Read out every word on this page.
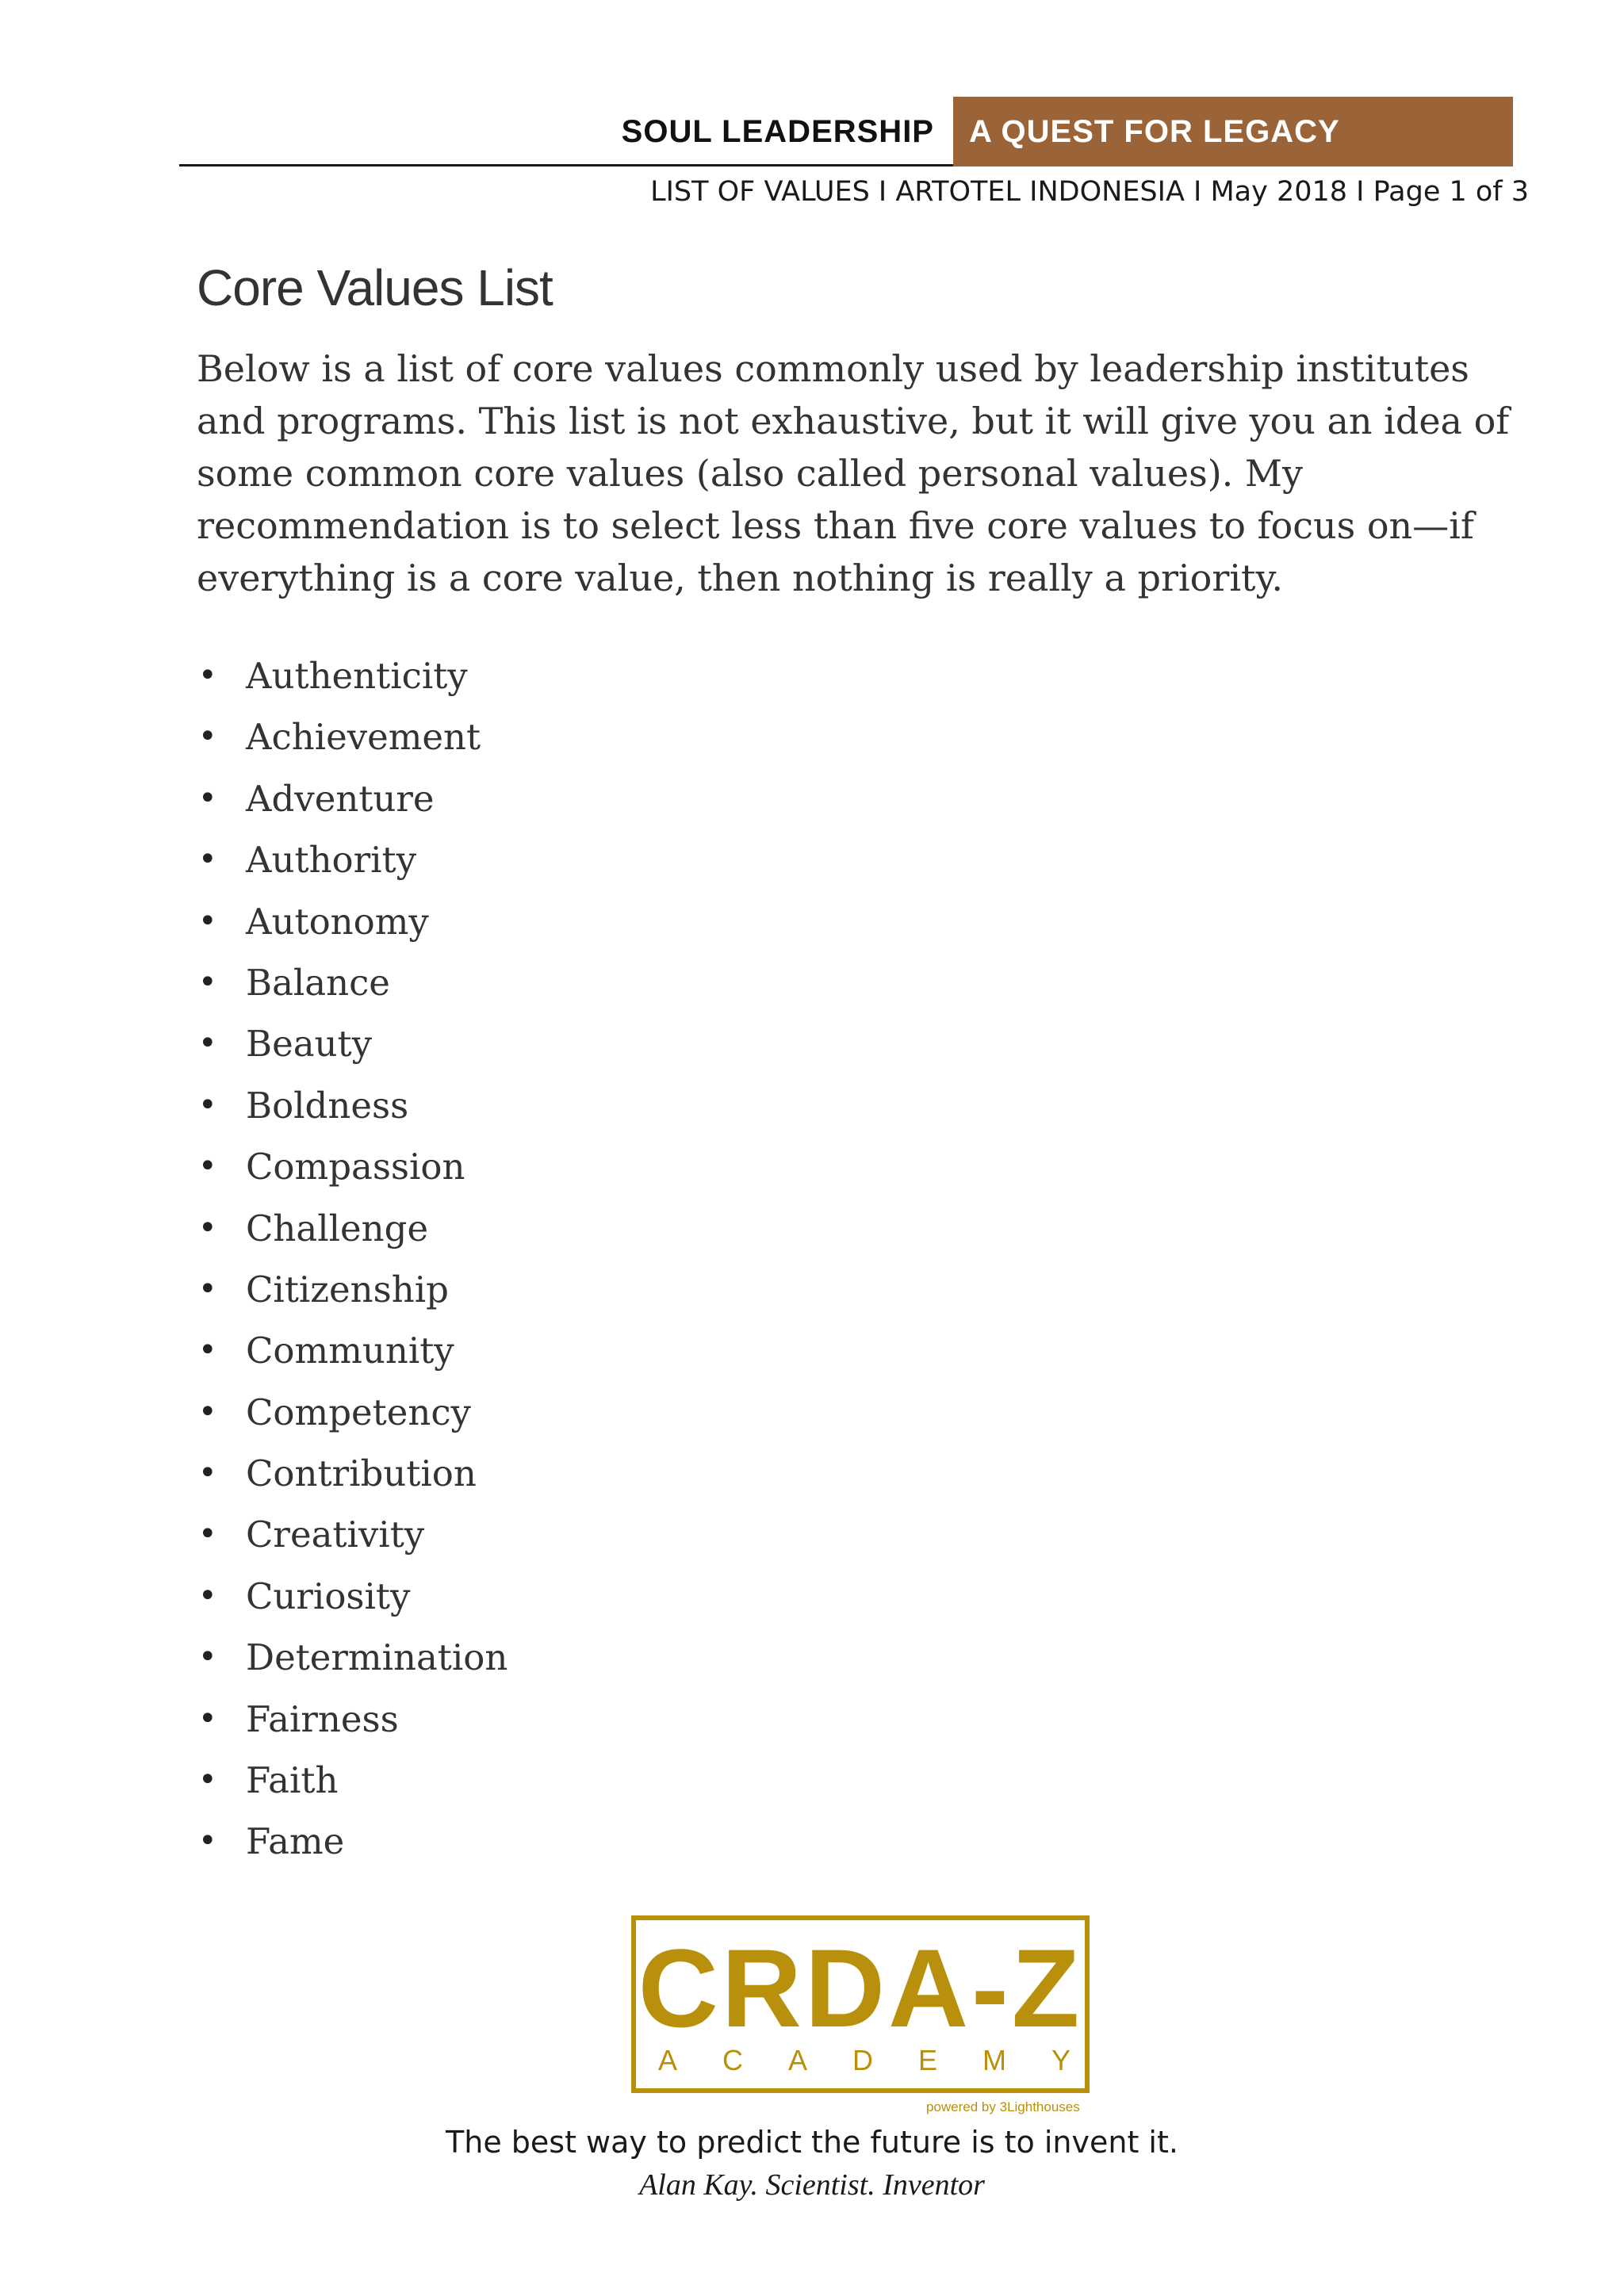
SOUL LEADERSHIP A QUEST FOR LEGACY
LIST OF VALUES I ARTOTEL INDONESIA I May 2018 I Page 1 of 3
Core Values List

Below is a list of core values commonly used by leadership institutes and programs. This list is not exhaustive, but it will give you an idea of some common core values (also called personal values). My recommendation is to select less than five core values to focus on—if everything is a core value, then nothing is really a priority.

• Authenticity
• Achievement
• Adventure
• Authority
• Autonomy
• Balance
• Beauty
• Boldness
• Compassion
• Challenge
• Citizenship
• Community
• Competency
• Contribution
• Creativity
• Curiosity
• Determination
• Fairness
• Faith
• Fame
CRDA-Z
A C A D E M Y
powered by 3Lighthouses
The best way to predict the future is to invent it.
Alan Kay. Scientist. Inventor
